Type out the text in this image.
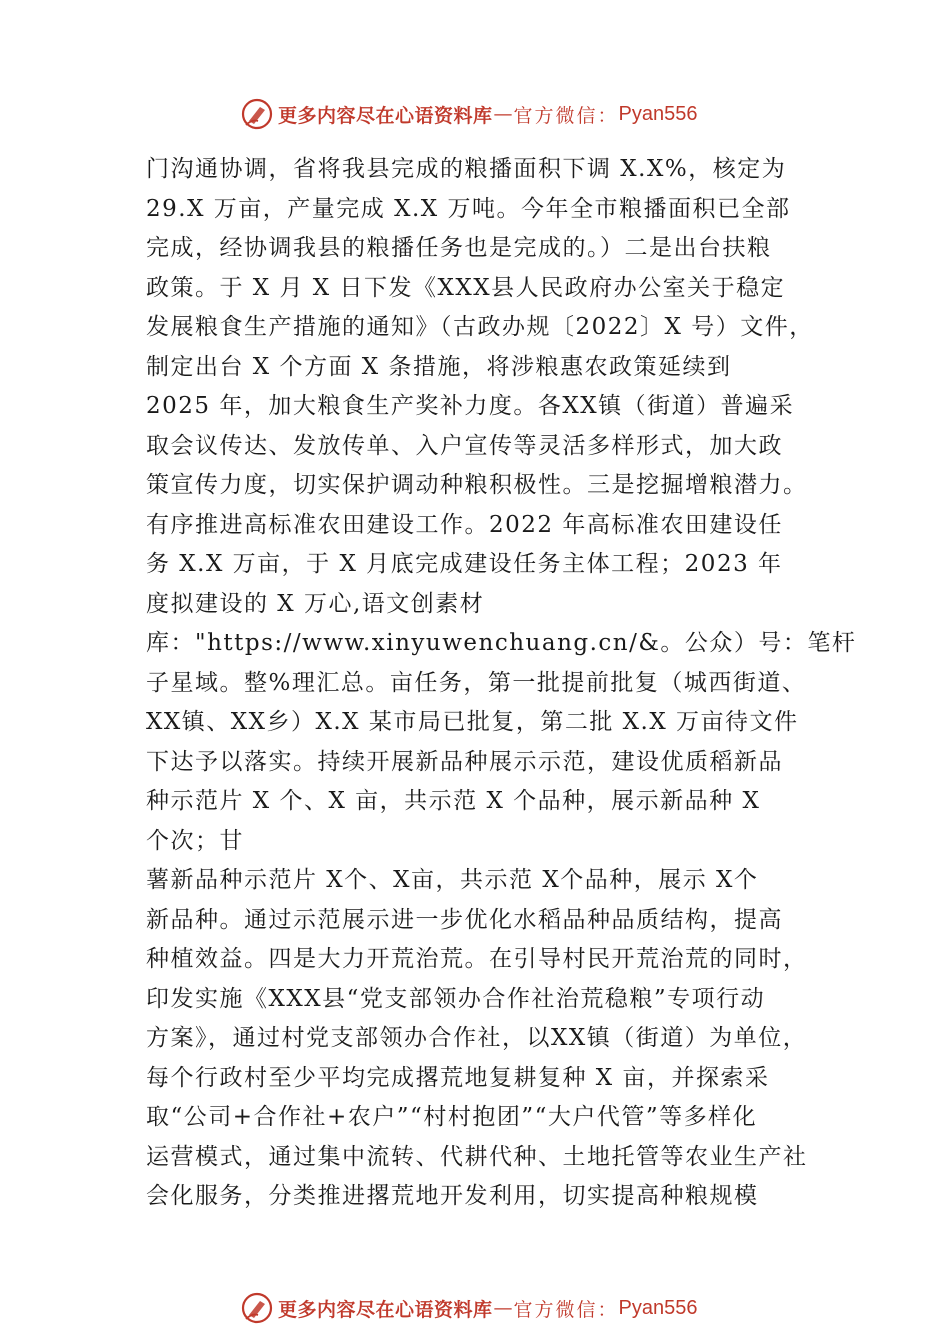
更多内容尽在心语资料库 — 官方微信： Pyan556
门沟通协调，省将我县完成的粮播面积下调 X.X%，核定为
29.X 万亩，产量完成 X.X 万吨。今年全市粮播面积已全部
完成，经协调我县的粮播任务也是完成的。）二是出台扶粮
政策。于 X 月 X 日下发《XXX县人民政府办公室关于稳定
发展粮食生产措施的通知》（古政办规〔2022〕X 号）文件，
制定出台 X 个方面 X 条措施，将涉粮惠农政策延续到
2025 年，加大粮食生产奖补力度。各XX镇（街道）普遍采
取会议传达、发放传单、入户宣传等灵活多样形式，加大政
策宣传力度，切实保护调动种粮积极性。三是挖掘增粮潜力。
有序推进高标准农田建设工作。2022 年高标准农田建设任
务 X.X 万亩，于 X 月底完成建设任务主体工程；2023 年
度拟建设的 X 万心,语文创素材
库："https://www.xinyuwenchuang.cn/&。公众）号：笔杆
子星域。整%理汇总。亩任务，第一批提前批复（城西街道、
XX镇、XX乡）X.X 某市局已批复，第二批 X.X 万亩待文件
下达予以落实。持续开展新品种展示示范，建设优质稻新品
种示范片 X 个、X 亩，共示范 X 个品种，展示新品种 X
个次；甘
薯新品种示范片 X个、X亩，共示范 X个品种，展示 X个
新品种。通过示范展示进一步优化水稻品种品质结构，提高
种植效益。四是大力开荒治荒。在引导村民开荒治荒的同时，
印发实施《XXX县“党支部领办合作社治荒稳粮”专项行动
方案》，通过村党支部领办合作社，以XX镇（街道）为单位，
每个行政村至少平均完成撂荒地复耕复种 X 亩，并探索采
取“公司+合作社+农户”“村村抱团”“大户代管”等多样化
运营模式，通过集中流转、代耕代种、土地托管等农业生产社
会化服务，分类推进撂荒地开发利用，切实提高种粮规模
更多内容尽在心语资料库 — 官方微信： Pyan556
